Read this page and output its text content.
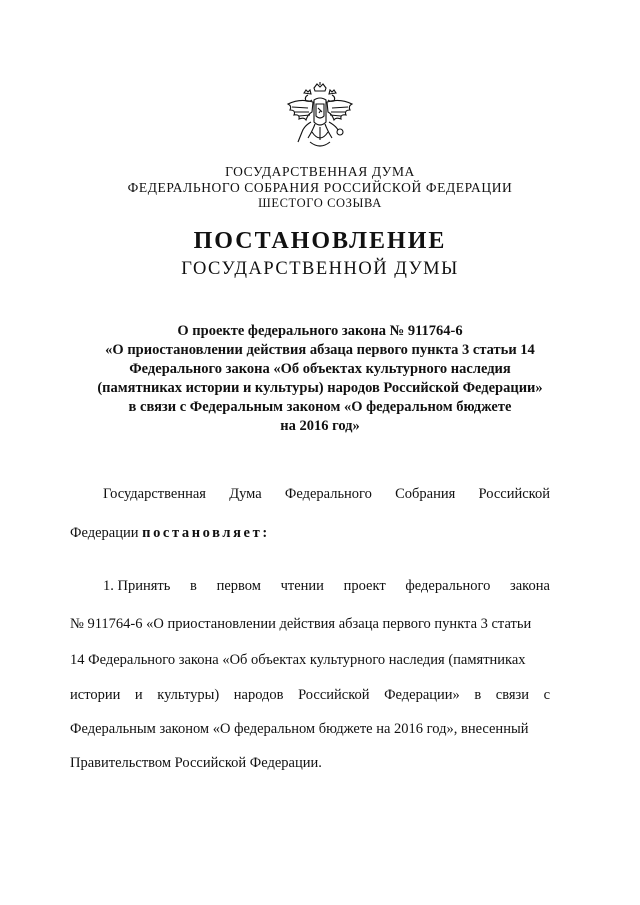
ГОСУДАРСТВЕННАЯ ДУМА
ФЕДЕРАЛЬНОГО СОБРАНИЯ РОССИЙСКОЙ ФЕДЕРАЦИИ
ШЕСТОГО СОЗЫВА
ПОСТАНОВЛЕНИЕ
ГОСУДАРСТВЕННОЙ ДУМЫ
О проекте федерального закона № 911764-6
«О приостановлении действия абзаца первого пункта 3 статьи 14
Федерального закона «Об объектах культурного наследия
(памятниках истории и культуры) народов Российской Федерации»
в связи с Федеральным законом «О федеральном бюджете
на 2016 год»
Государственная Дума Федерального Собрания Российской
Федерации постановляет:
1. Принять в первом чтении проект федерального закона
№ 911764-6 «О приостановлении действия абзаца первого пункта 3 статьи
14 Федерального закона «Об объектах культурного наследия (памятниках
истории и культуры) народов Российской Федерации» в связи с
Федеральным законом «О федеральном бюджете на 2016 год», внесенный
Правительством Российской Федерации.
